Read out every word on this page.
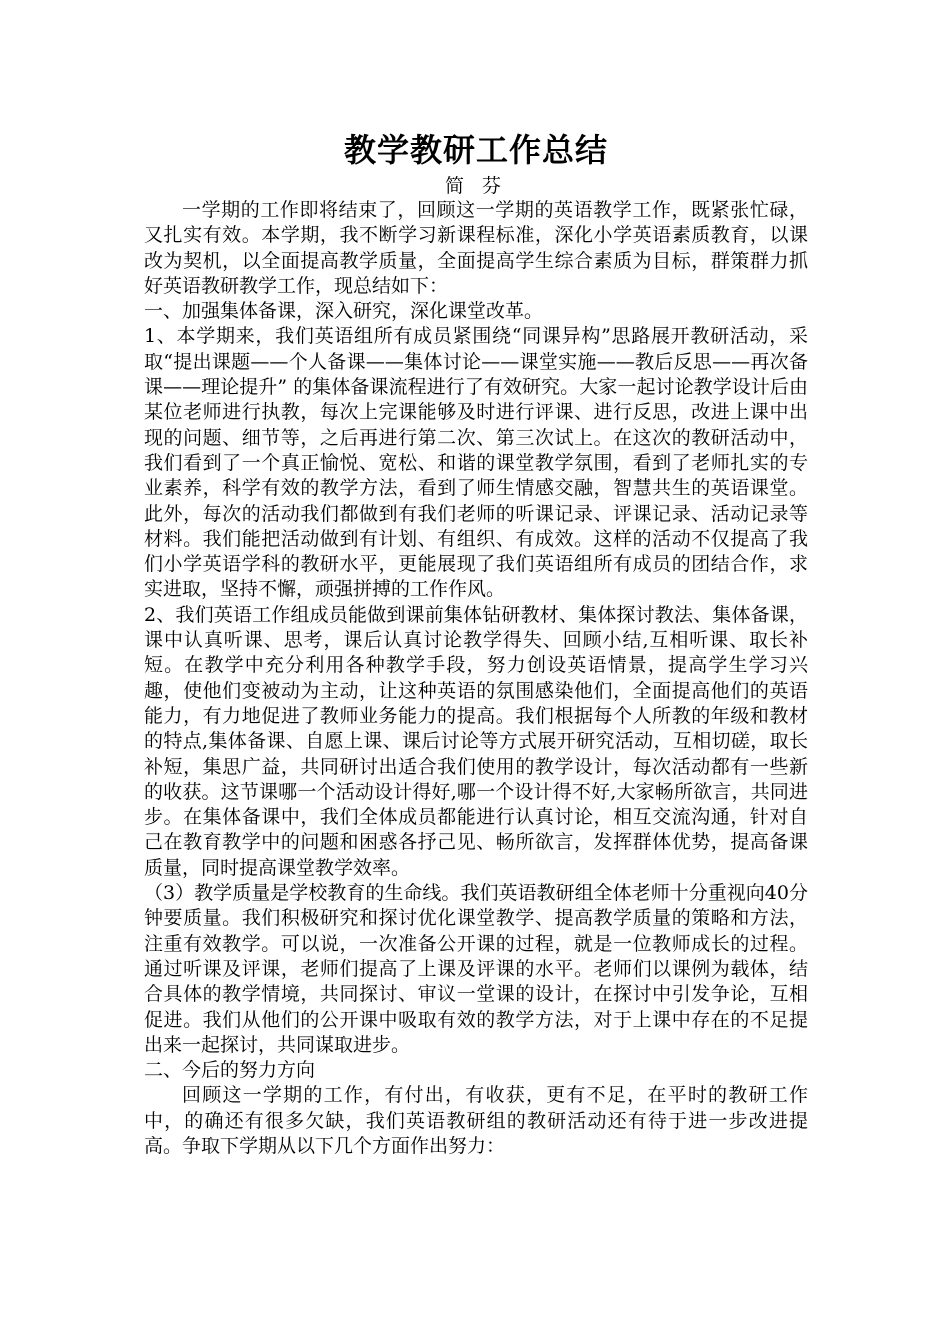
教学教研工作总结

简 芬

一学期的工作即将结束了，回顾这一学期的英语教学工作，既紧张忙碌，又扎实有效。本学期，我不断学习新课程标准，深化小学英语素质教育，以课改为契机，以全面提高教学质量，全面提高学生综合素质为目标，群策群力抓好英语教研教学工作，现总结如下：

一、加强集体备课，深入研究，深化课堂改革。

1、本学期来，我们英语组所有成员紧围绕“同课异构”思路展开教研活动，采取“提出课题——个人备课——集体讨论——课堂实施——教后反思——再次备课——理论提升” 的集体备课流程进行了有效研究。大家一起讨论教学设计后由某位老师进行执教，每次上完课能够及时进行评课、进行反思，改进上课中出现的问题、细节等，之后再进行第二次、第三次试上。在这次的教研活动中，我们看到了一个真正愉悦、宽松、和谐的课堂教学氛围，看到了老师扎实的专业素养，科学有效的教学方法，看到了师生情感交融，智慧共生的英语课堂。此外，每次的活动我们都做到有我们老师的听课记录、评课记录、活动记录等材料。我们能把活动做到有计划、有组织、有成效。这样的活动不仅提高了我们小学英语学科的教研水平，更能展现了我们英语组所有成员的团结合作，求实进取，坚持不懈，顽强拼搏的工作作风。

2、我们英语工作组成员能做到课前集体钻研教材、集体探讨教法、集体备课，课中认真听课、思考，课后认真讨论教学得失、回顾小结,互相听课、取长补短。在教学中充分利用各种教学手段，努力创设英语情景，提高学生学习兴趣，使他们变被动为主动，让这种英语的氛围感染他们，全面提高他们的英语能力，有力地促进了教师业务能力的提高。我们根据每个人所教的年级和教材的特点,集体备课、自愿上课、课后讨论等方式展开研究活动，互相切磋，取长补短，集思广益，共同研讨出适合我们使用的教学设计，每次活动都有一些新的收获。这节课哪一个活动设计得好,哪一个设计得不好,大家畅所欲言，共同进步。在集体备课中，我们全体成员都能进行认真讨论，相互交流沟通，针对自己在教育教学中的问题和困惑各抒己见、畅所欲言，发挥群体优势，提高备课质量，同时提高课堂教学效率。

（3）教学质量是学校教育的生命线。我们英语教研组全体老师十分重视向40分钟要质量。我们积极研究和探讨优化课堂教学、提高教学质量的策略和方法，注重有效教学。可以说，一次准备公开课的过程，就是一位教师成长的过程。通过听课及评课，老师们提高了上课及评课的水平。老师们以课例为载体，结合具体的教学情境，共同探讨、审议一堂课的设计，在探讨中引发争论，互相促进。我们从他们的公开课中吸取有效的教学方法，对于上课中存在的不足提出来一起探讨，共同谋取进步。

二、今后的努力方向

回顾这一学期的工作，有付出，有收获，更有不足，在平时的教研工作中，的确还有很多欠缺，我们英语教研组的教研活动还有待于进一步改进提高。争取下学期从以下几个方面作出努力：
